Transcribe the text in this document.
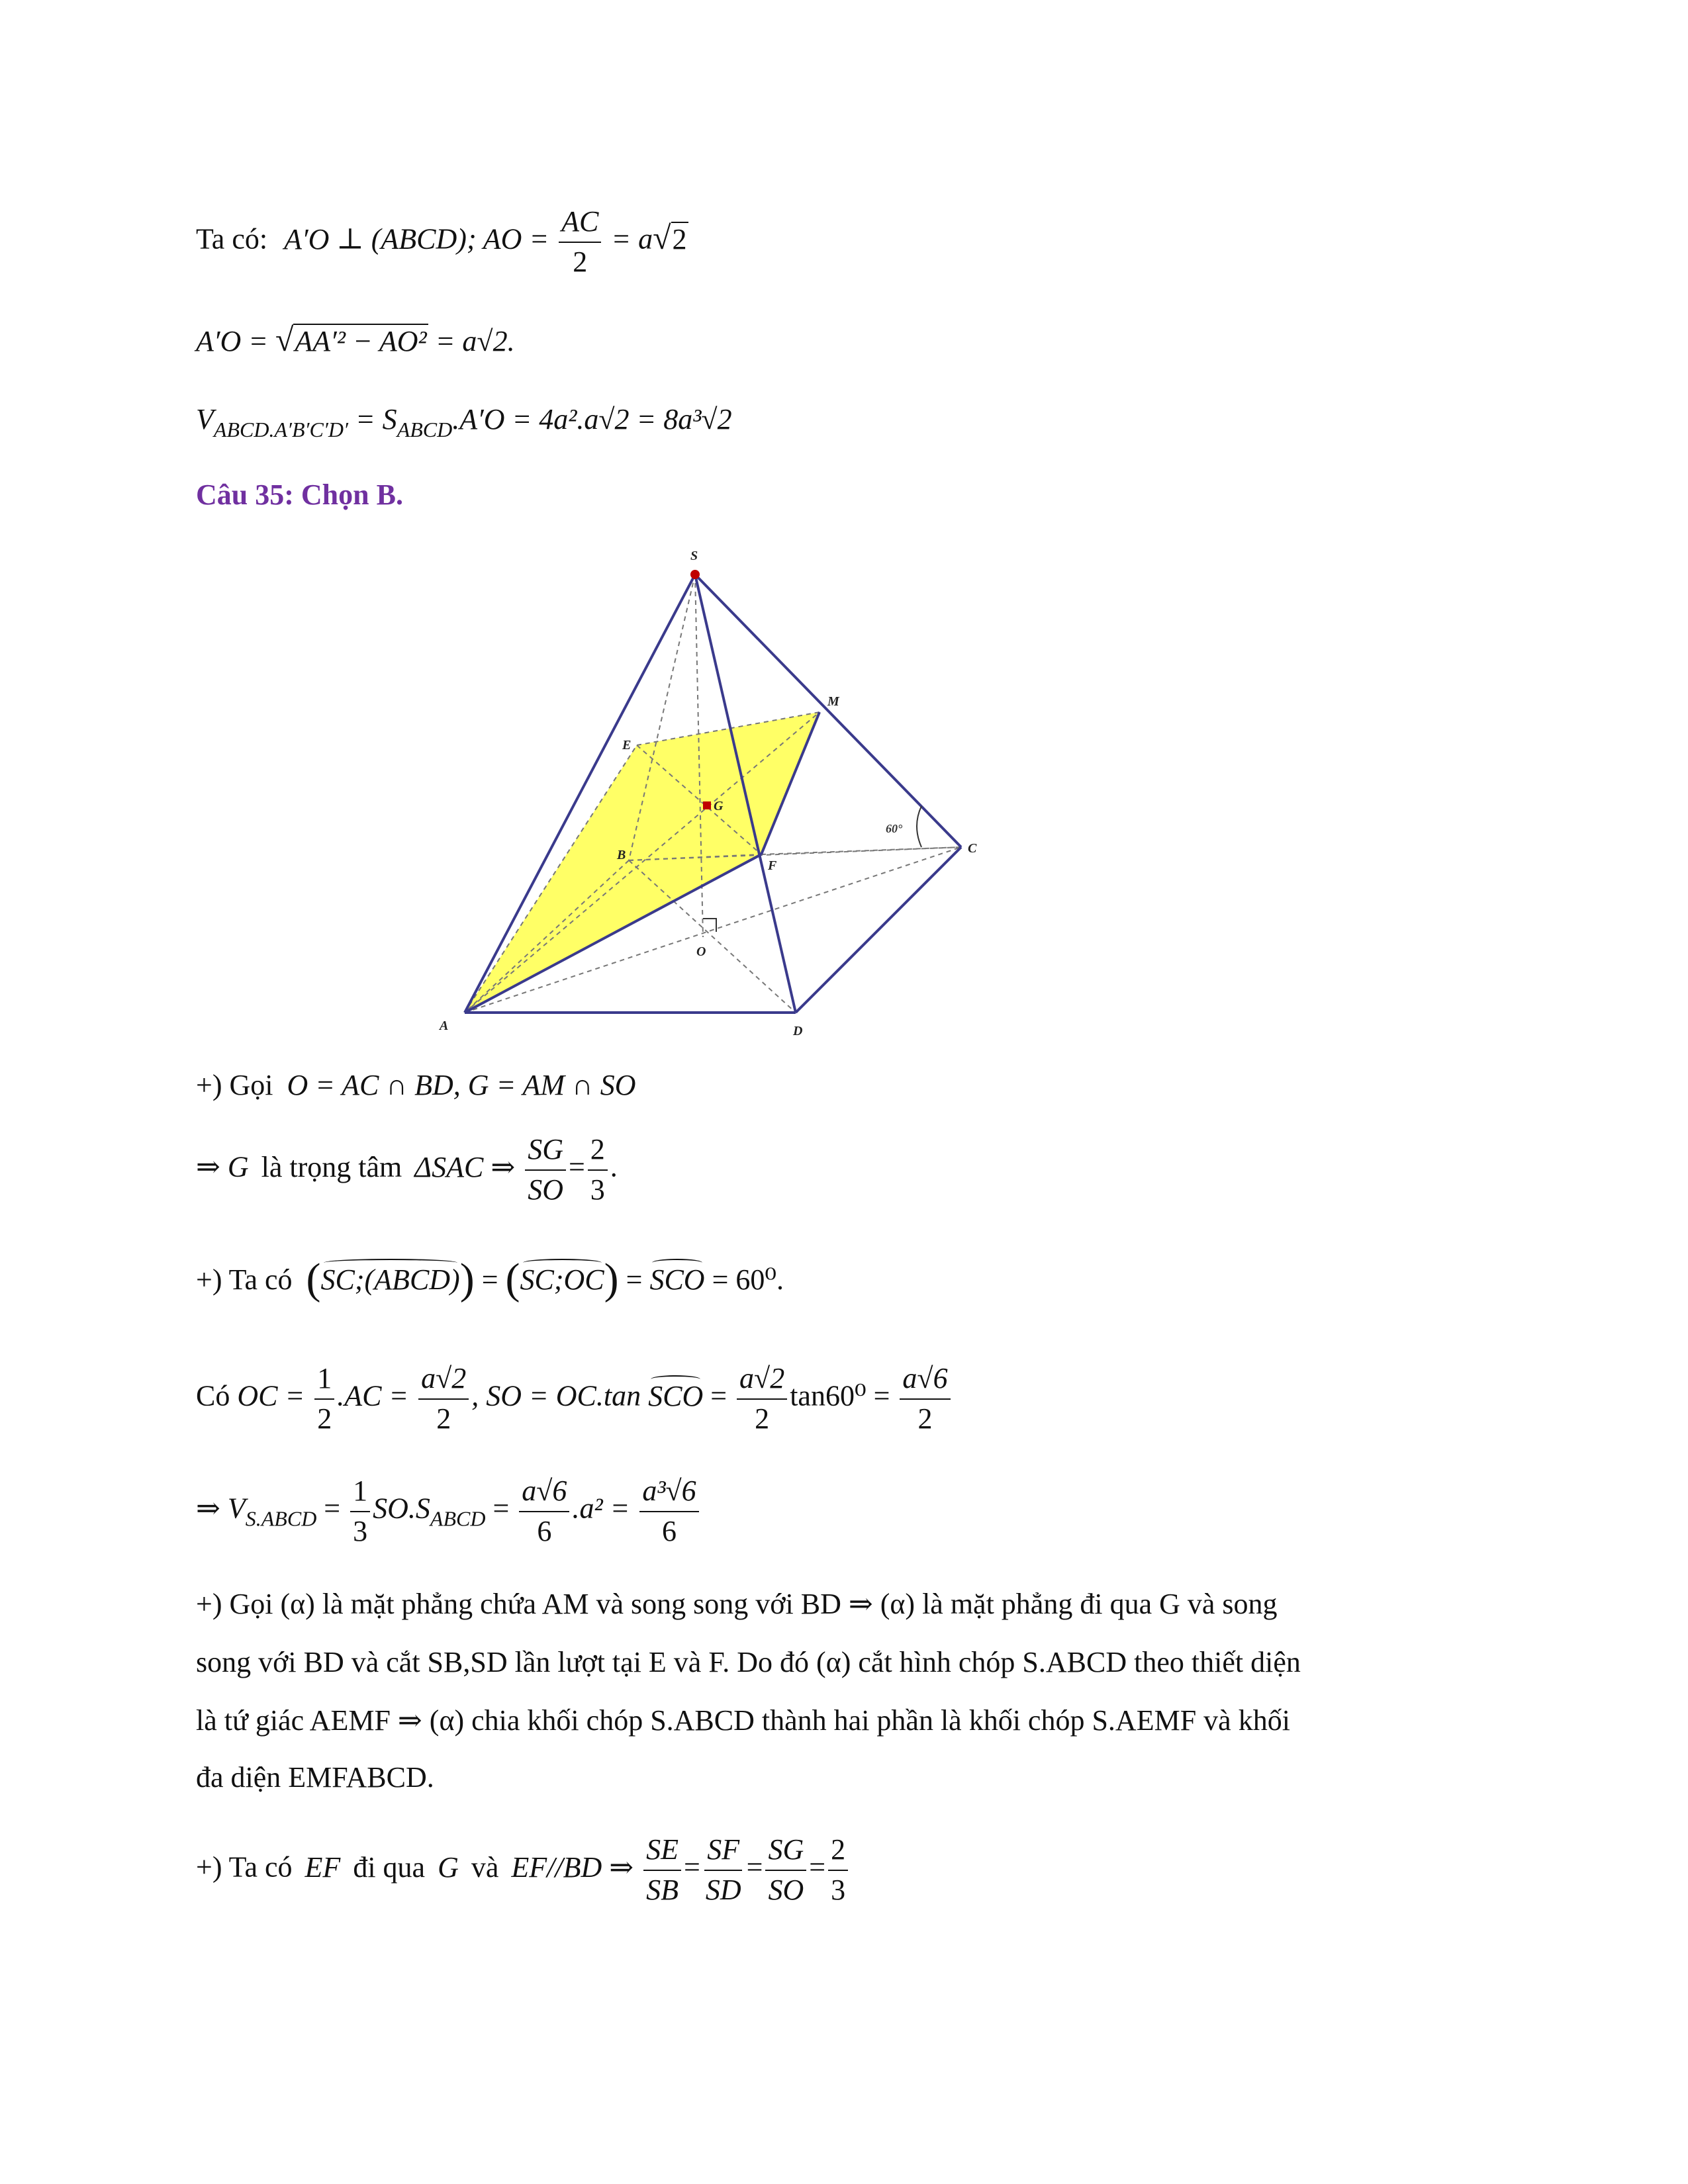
Ta có: A′O ⊥ (ABCD); AO = $\frac{AC}{2} = a√2$
A′O = √AA′² − AO² = a√2.
$V_{ABCD.A'B'C'D'} = S_{ABCD}.A'O = 4a^2.a√2 = 8a^3√2$
Câu 35: Chọn B.
60°
S
M
E
G
B
F
C
O
A	D
+) Gọi O = AC ∩ BD, G = AM ∩ SO
⇒ G là trọng tâm ΔSAC ⇒ $\frac{SG}{SO} = \frac{2}{3}$ .
+) Ta có (SC;(ABCD)) = (SC;OC) = SCO = 60⁰.
Có OC = $\frac{1}{2} .AC = \frac{a√2}{2}$ , SO = OC.tan SCO = $\frac{a√2}{2} \tan 60^0 = \frac{a√6}{2}$
⇒ $V_{S.ABCD} = \frac{1}{3} SO.S_{ABCD} = \frac{a√6}{6} .a^2 = \frac{\text{a³√6}}{6}$
+) Gọi (α) là mặt phẳng chứa AM và song song với BD ⇒ (α) là mặt phẳng đi qua G và song
song với BD và cắt SB,SD lần lượt tại E và F. Do đó (α) cắt hình chóp S.ABCD theo thiết diện
là tứ giác AEMF ⇒ (α) chia khối chóp S.ABCD thành hai phần là khối chóp S.AEMF và khối
đa diện EMFABCD.
+) Ta có EF đi qua G và EF//BD ⇒ $\frac{SE}{SB} = \frac{SF}{SD} = \frac{SG}{SO} = \frac{2}{3}$
